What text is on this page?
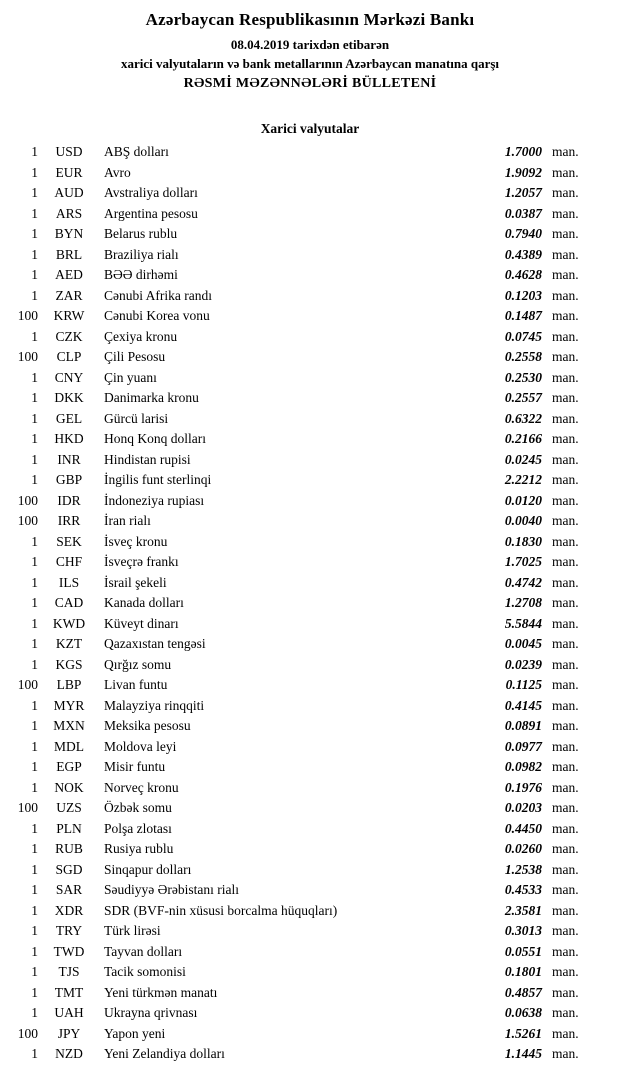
Azərbaycan Respublikasının Mərkəzi Bankı
08.04.2019 tarixdən etibarən
xarici valyutaların və bank metallarının Azərbaycan manatına qarşı
RƏSMİ MƏZƏNNƏLƏRİ BÜLLETENİ
Xarici valyutalar
1	USD	ABŞ dolları	1.7000 man.
1	EUR	Avro	1.9092 man.
1	AUD	Avstraliya dolları	1.2057 man.
1	ARS	Argentina pesosu	0.0387 man.
1	BYN	Belarus rublu	0.7940 man.
1	BRL	Braziliya rialı	0.4389 man.
1	AED	BƏƏ dirhəmi	0.4628 man.
1	ZAR	Cənubi Afrika randı	0.1203 man.
100	KRW	Cənubi Korea vonu	0.1487 man.
1	CZK	Çexiya kronu	0.0745 man.
100	CLP	Çili Pesosu	0.2558 man.
1	CNY	Çin yuanı	0.2530 man.
1	DKK	Danimarka kronu	0.2557 man.
1	GEL	Gürcü larisi	0.6322 man.
1	HKD	Honq Konq dolları	0.2166 man.
1	INR	Hindistan rupisi	0.0245 man.
1	GBP	İngilis funt sterlinqi	2.2212 man.
100	IDR	İndoneziya rupiası	0.0120 man.
100	IRR	İran rialı	0.0040 man.
1	SEK	İsveç kronu	0.1830 man.
1	CHF	İsveçrə frankı	1.7025 man.
1	ILS	İsrail şekeli	0.4742 man.
1	CAD	Kanada dolları	1.2708 man.
1	KWD	Küveyt dinarı	5.5844 man.
1	KZT	Qazaxıstan tengəsi	0.0045 man.
1	KGS	Qırğız somu	0.0239 man.
100	LBP	Livan funtu	0.1125 man.
1	MYR	Malayziya rinqqiti	0.4145 man.
1	MXN	Meksika pesosu	0.0891 man.
1	MDL	Moldova leyi	0.0977 man.
1	EGP	Misir funtu	0.0982 man.
1	NOK	Norveç kronu	0.1976 man.
100	UZS	Özbək somu	0.0203 man.
1	PLN	Polşa zlotası	0.4450 man.
1	RUB	Rusiya rublu	0.0260 man.
1	SGD	Sinqapur dolları	1.2538 man.
1	SAR	Səudiyyə Ərəbistanı rialı	0.4533 man.
1	XDR	SDR (BVF-nin xüsusi borcalma hüquqları)	2.3581 man.
1	TRY	Türk lirəsi	0.3013 man.
1	TWD	Tayvan dolları	0.0551 man.
1	TJS	Tacik somonisi	0.1801 man.
1	TMT	Yeni türkmən manatı	0.4857 man.
1	UAH	Ukrayna qrivnası	0.0638 man.
100	JPY	Yapon yeni	1.5261 man.
1	NZD	Yeni Zelandiya dolları	1.1445 man.
